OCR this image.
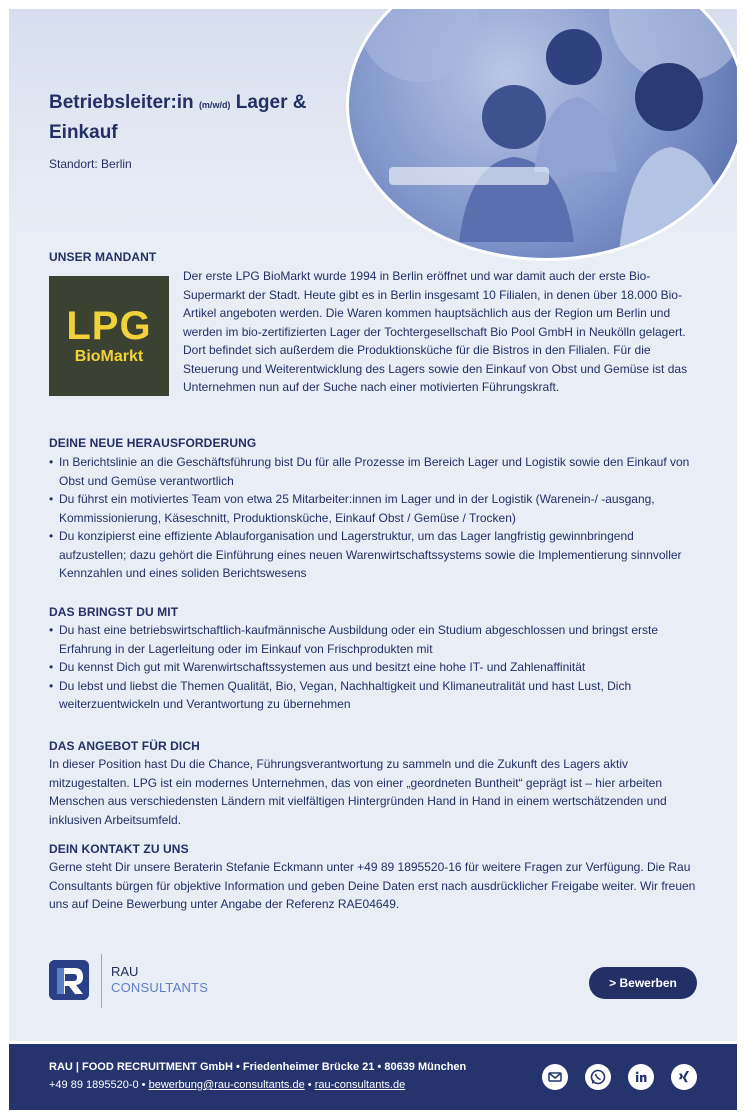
Betriebsleiter:in (m/w/d) Lager & Einkauf
Standort: Berlin
UNSER MANDANT
LPG
BioMarkt
Der erste LPG BioMarkt wurde 1994 in Berlin eröffnet und war damit auch der erste Bio-Supermarkt der Stadt. Heute gibt es in Berlin insgesamt 10 Filialen, in denen über 18.000 Bio-Artikel angeboten werden. Die Waren kommen hauptsächlich aus der Region um Berlin und werden im bio-zertifizierten Lager der Tochtergesellschaft Bio Pool GmbH in Neukölln gelagert. Dort befindet sich außerdem die Produktionsküche für die Bistros in den Filialen. Für die Steuerung und Weiterentwicklung des Lagers sowie den Einkauf von Obst und Gemüse ist das Unternehmen nun auf der Suche nach einer motivierten Führungskraft.
DEINE NEUE HERAUSFORDERUNG
• In Berichtslinie an die Geschäftsführung bist Du für alle Prozesse im Bereich Lager und Logistik sowie den Einkauf von Obst und Gemüse verantwortlich
• Du führst ein motiviertes Team von etwa 25 Mitarbeiter:innen im Lager und in der Logistik (Warenein-/ -ausgang, Kommissionierung, Käseschnitt, Produktionsküche, Einkauf Obst / Gemüse / Trocken)
• Du konzipierst eine effiziente Ablauforganisation und Lagerstruktur, um das Lager langfristig gewinnbringend aufzustellen; dazu gehört die Einführung eines neuen Warenwirtschaftssystems sowie die Implementierung sinnvoller Kennzahlen und eines soliden Berichtswesens
DAS BRINGST DU MIT
• Du hast eine betriebswirtschaftlich-kaufmännische Ausbildung oder ein Studium abgeschlossen und bringst erste Erfahrung in der Lagerleitung oder im Einkauf von Frischprodukten mit
• Du kennst Dich gut mit Warenwirtschaftssystemen aus und besitzt eine hohe IT- und Zahlenaffinität
• Du lebst und liebst die Themen Qualität, Bio, Vegan, Nachhaltigkeit und Klimaneutralität und hast Lust, Dich weiterzuentwickeln und Verantwortung zu übernehmen
DAS ANGEBOT FÜR DICH
In dieser Position hast Du die Chance, Führungsverantwortung zu sammeln und die Zukunft des Lagers aktiv mitzugestalten. LPG ist ein modernes Unternehmen, das von einer „geordneten Buntheit“ geprägt ist – hier arbeiten Menschen aus verschiedensten Ländern mit vielfältigen Hintergründen Hand in Hand in einem wertschätzenden und inklusiven Arbeitsumfeld.
DEIN KONTAKT ZU UNS
Gerne steht Dir unsere Beraterin Stefanie Eckmann unter +49 89 1895520-16 für weitere Fragen zur Verfügung. Die Rau Consultants bürgen für objektive Information und geben Deine Daten erst nach ausdrücklicher Freigabe weiter. Wir freuen uns auf Deine Bewerbung unter Angabe der Referenz RAE04649.
RAU
CONSULTANTS	> Bewerben
RAU | FOOD RECRUITMENT GmbH • Friedenheimer Brücke 21 • 80639 München
+49 89 1895520-0 • bewerbung@rau-consultants.de • rau-consultants.de
